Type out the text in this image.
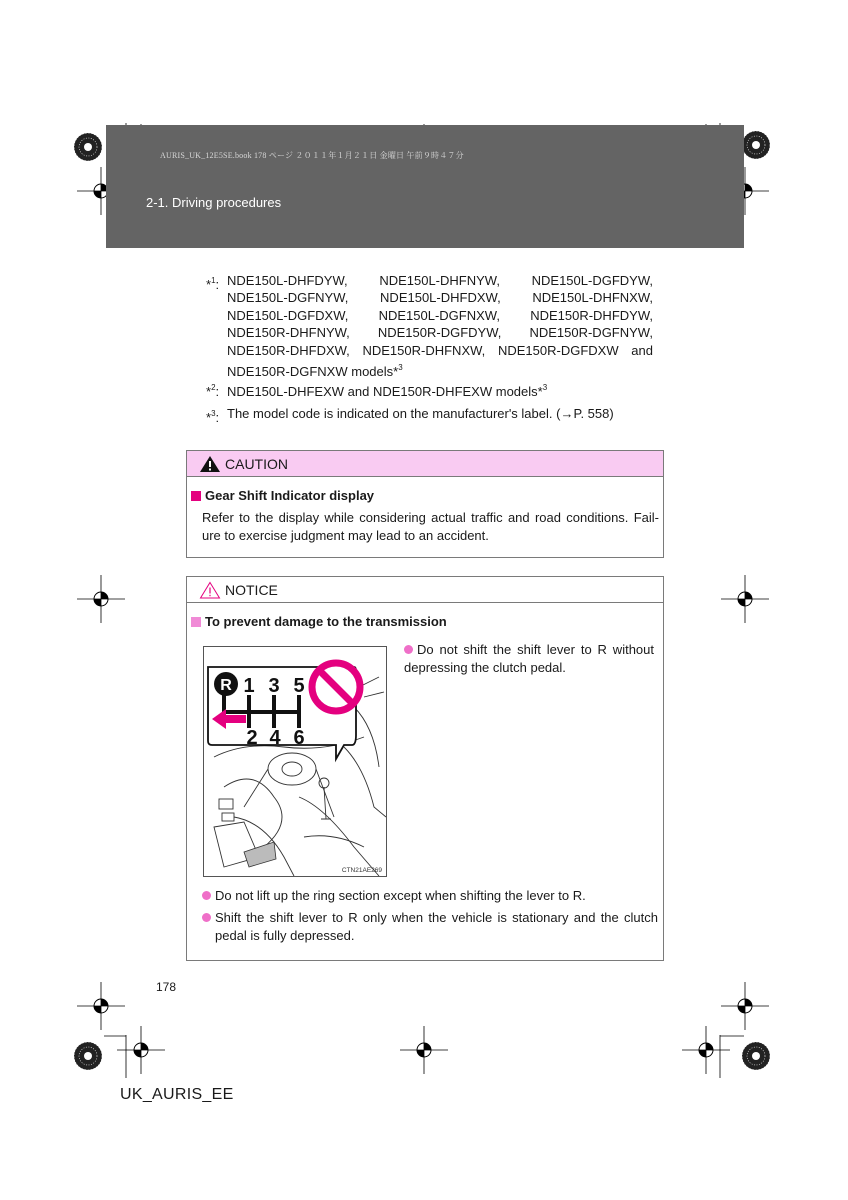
AURIS_UK_12E5SE.book 178 ページ ２０１１年１月２１日 金曜日 午前９時４７分
2-1. Driving procedures
*$^1$: NDE150L-DHFDYW, NDE150L-DHFNYW, NDE150L-DGFDYW,
NDE150L-DGFNYW, NDE150L-DHFDXW, NDE150L-DHFNXW,
NDE150L-DGFDXW, NDE150L-DGFNXW, NDE150R-DHFDYW,
NDE150R-DHFNYW, NDE150R-DGFDYW, NDE150R-DGFNYW,
NDE150R-DHFDXW, NDE150R-DHFNXW, NDE150R-DGFDXW and
NDE150R-DGFNXW models*$^3$
*$^2$: NDE150L-DHFEXW and NDE150R-DHFEXW models*$^3$
*$^3$: The model code is indicated on the manufacturer's label. (→P. 558)
CAUTION
Gear Shift Indicator display
Refer to the display while considering actual traffic and road conditions. Fail-ure to exercise judgment may lead to an accident.
NOTICE
To prevent damage to the transmission
R 1 3 5
2 4 6
CTN21AE269
Do not shift the shift lever to R without depressing the clutch pedal.
Do not lift up the ring section except when shifting the lever to R.
Shift the shift lever to R only when the vehicle is stationary and the clutch pedal is fully depressed.
178
UK_AURIS_EE
